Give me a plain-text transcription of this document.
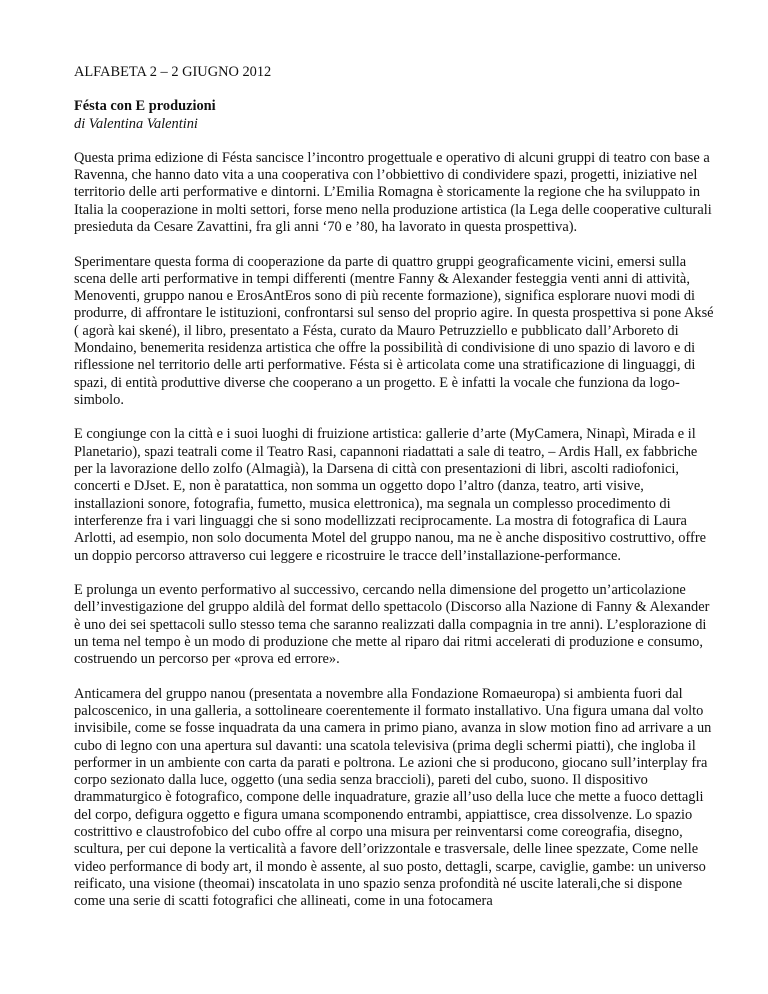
ALFABETA 2 – 2 GIUGNO 2012

Fésta con E produzioni

di Valentina Valentini

Questa prima edizione di Fésta sancisce l’incontro progettuale e operativo di alcuni gruppi di teatro con base a Ravenna, che hanno dato vita a una cooperativa con l’obbiettivo di condividere spazi, progetti, iniziative nel territorio delle arti performative e dintorni. L’Emilia Romagna è storicamente la regione che ha sviluppato in Italia la cooperazione in molti settori, forse meno nella produzione artistica (la Lega delle cooperative culturali presieduta da Cesare Zavattini, fra gli anni ‘70 e ’80, ha lavorato in questa prospettiva).

Sperimentare questa forma di cooperazione da parte di quattro gruppi geograficamente vicini, emersi sulla scena delle arti performative in tempi differenti (mentre Fanny & Alexander festeggia venti anni di attività, Menoventi, gruppo nanou e ErosAntEros sono di più recente formazione), significa esplorare nuovi modi di produrre, di affrontare le istituzioni, confrontarsi sul senso del proprio agire. In questa prospettiva si pone Aksé ( agorà kai skené), il libro, presentato a Fésta, curato da Mauro Petruzziello e pubblicato dall’Arboreto di Mondaino, benemerita residenza artistica che offre la possibilità di condivisione di uno spazio di lavoro e di riflessione nel territorio delle arti performative. Fésta si è articolata come una stratificazione di linguaggi, di spazi, di entità produttive diverse che cooperano a un progetto. E è infatti la vocale che funziona da logo-simbolo.

E congiunge con la città e i suoi luoghi di fruizione artistica: gallerie d’arte (MyCamera, Ninapì, Mirada e il Planetario), spazi teatrali come il Teatro Rasi, capannoni riadattati a sale di teatro, – Ardis Hall, ex fabbriche per la lavorazione dello zolfo (Almagià), la Darsena di città con presentazioni di libri, ascolti radiofonici, concerti e DJset. E, non è paratattica, non somma un oggetto dopo l’altro (danza, teatro, arti visive, installazioni sonore, fotografia, fumetto, musica elettronica), ma segnala un complesso procedimento di interferenze fra i vari linguaggi che si sono modellizzati reciprocamente. La mostra di fotografica di Laura Arlotti, ad esempio, non solo documenta Motel del gruppo nanou, ma ne è anche dispositivo costruttivo, offre un doppio percorso attraverso cui leggere e ricostruire le tracce dell’installazione-performance.

E prolunga un evento performativo al successivo, cercando nella dimensione del progetto un’articolazione dell’investigazione del gruppo aldilà del format dello spettacolo (Discorso alla Nazione di Fanny & Alexander è uno dei sei spettacoli sullo stesso tema che saranno realizzati dalla compagnia in tre anni). L’esplorazione di un tema nel tempo è un modo di produzione che mette al riparo dai ritmi accelerati di produzione e consumo, costruendo un percorso per «prova ed errore».

Anticamera del gruppo nanou (presentata a novembre alla Fondazione Romaeuropa) si ambienta fuori dal palcoscenico, in una galleria, a sottolineare coerentemente il formato installativo. Una figura umana dal volto invisibile, come se fosse inquadrata da una camera in primo piano, avanza in slow motion fino ad arrivare a un cubo di legno con una apertura sul davanti: una scatola televisiva (prima degli schermi piatti), che ingloba il performer in un ambiente con carta da parati e poltrona. Le azioni che si producono, giocano sull’interplay fra corpo sezionato dalla luce, oggetto (una sedia senza braccioli), pareti del cubo, suono. Il dispositivo drammaturgico è fotografico, compone delle inquadrature, grazie all’uso della luce che mette a fuoco dettagli del corpo, defigura oggetto e figura umana scomponendo entrambi, appiattisce, crea dissolvenze. Lo spazio costrittivo e claustrofobico del cubo offre al corpo una misura per reinventarsi come coreografia, disegno, scultura, per cui depone la verticalità a favore dell’orizzontale e trasversale, delle linee spezzate, Come nelle video performance di body art, il mondo è assente, al suo posto, dettagli, scarpe, caviglie, gambe: un universo reificato, una visione (theomai) inscatolata in uno spazio senza profondità né uscite laterali,che si dispone come una serie di scatti fotografici che allineati, come in una fotocamera
